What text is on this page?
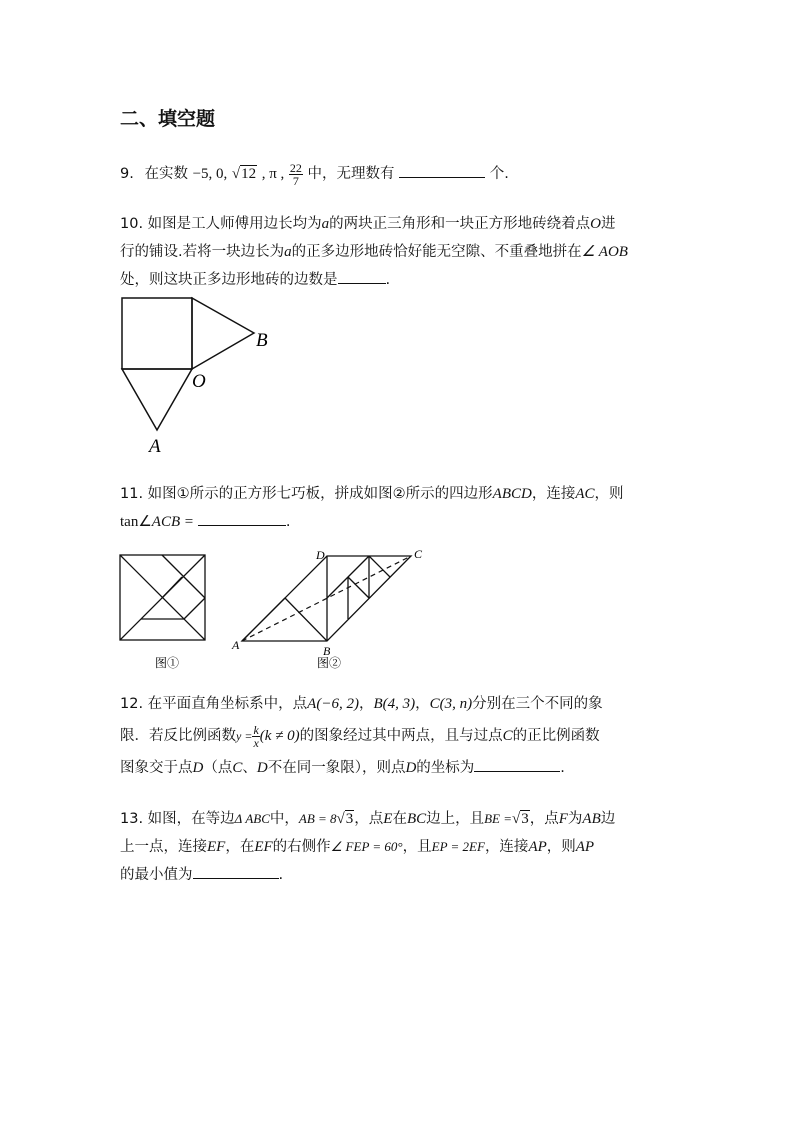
二、填空题
9. 在实数 −5, 0, √12 , π , $\frac{22}{7}$ 中，无理数有	个.
10. 如图是工人师傅用边长均为a的两块正三角形和一块正方形地砖绕着点O进
行的铺设.若将一块边长为a的正多边形地砖恰好能无空隙、不重叠地拼在∠ AOB
处，则这块正多边形地砖的边数是	.
B
O
A
11. 如图①所示的正方形七巧板，拼成如图②所示的四边形ABCD，连接AC，则
tan∠ACB =	.
图①
A	B
C
D
图②
12. 在平面直角坐标系中，点A(−6, 2)，B(4, 3)，C(3, n)分别在三个不同的象
限．若反比例函数$y = \frac{k}{x} (k \ne 0)$的图象经过其中两点，且与过点C的正比例函数
图象交于点D（点C、D不在同一象限），则点D的坐标为	.
13. 如图，在等边Δ ABC中，AB = 8√3，点E在BC边上，且BE =√3，点F为AB边
上一点，连接EF，在EF的右侧作∠ FEP = 60°，且EP = 2EF，连接AP，则AP
的最小值为	.
